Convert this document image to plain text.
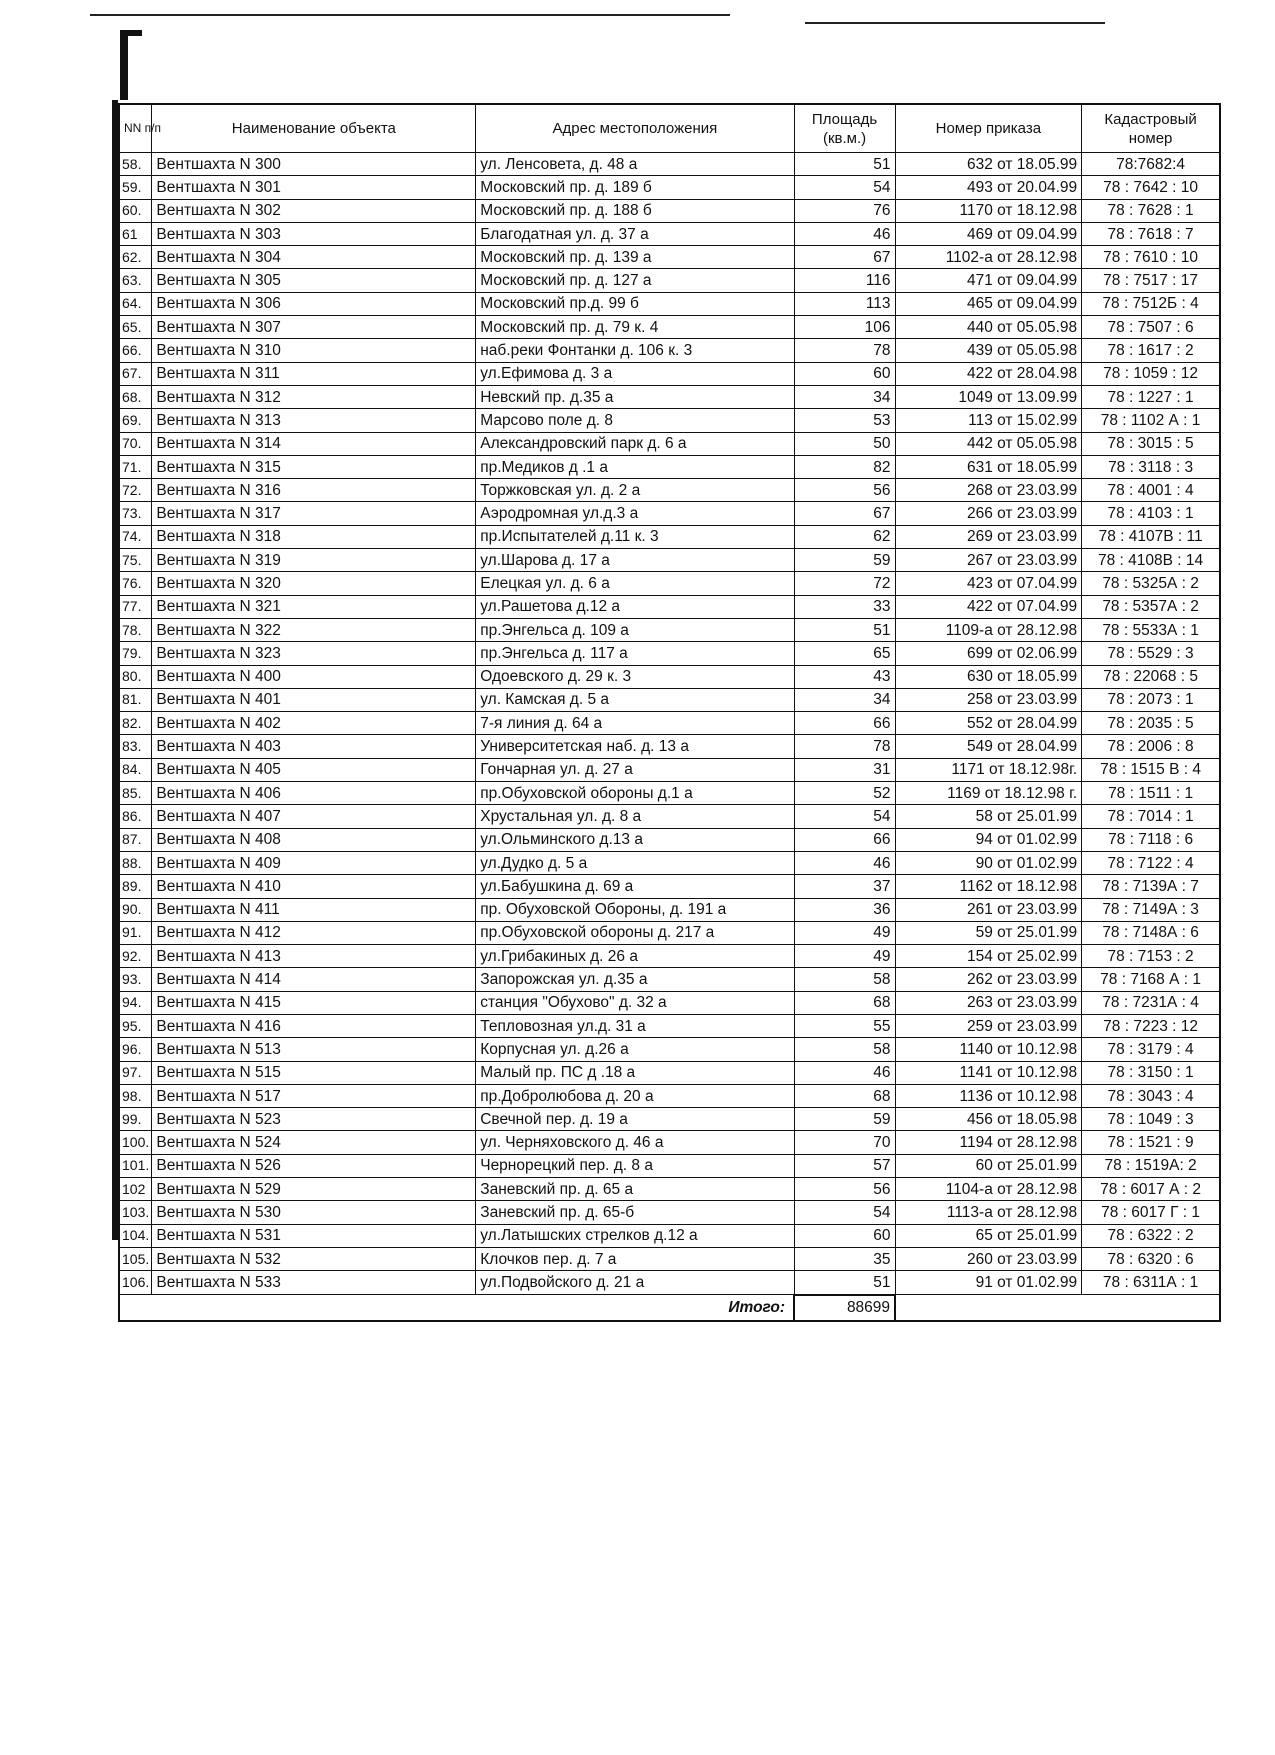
NN п/п	Наименование объекта	Адрес местоположения	Площадь (кв.м.)	Номер приказа	Кадастровый номер
58.	Вентшахта N 300	ул. Ленсовета, д. 48 а	51	632 от 18.05.99	78:7682:4
59.	Вентшахта N 301	Московский пр. д. 189 б	54	493 от 20.04.99	78 : 7642 : 10
60.	Вентшахта N 302	Московский пр. д. 188 б	76	1170 от 18.12.98	78 : 7628 : 1
61	Вентшахта N 303	Благодатная ул. д. 37 а	46	469 от 09.04.99	78 : 7618 : 7
62.	Вентшахта N 304	Московский пр. д. 139 а	67	1102-а от 28.12.98	78 : 7610 : 10
63.	Вентшахта N 305	Московский пр. д. 127 а	116	471 от 09.04.99	78 : 7517 : 17
64.	Вентшахта N 306	Московский пр.д. 99 б	113	465 от 09.04.99	78 : 7512Б : 4
65.	Вентшахта N 307	Московский пр. д. 79 к. 4	106	440 от 05.05.98	78 : 7507 : 6
66.	Вентшахта N 310	наб.реки Фонтанки д. 106 к. 3	78	439 от 05.05.98	78 : 1617 : 2
67.	Вентшахта N 311	ул.Ефимова д. 3 а	60	422 от 28.04.98	78 : 1059 : 12
68.	Вентшахта N 312	Невский пр. д.35 а	34	1049 от 13.09.99	78 : 1227 : 1
69.	Вентшахта N 313	Марсово поле д. 8	53	113 от 15.02.99	78 : 1102 А : 1
70.	Вентшахта N 314	Александровский парк д. 6 а	50	442 от 05.05.98	78 : 3015 : 5
71.	Вентшахта N 315	пр.Медиков д .1 а	82	631 от 18.05.99	78 : 3118 : 3
72.	Вентшахта N 316	Торжковская ул. д. 2 а	56	268 от 23.03.99	78 : 4001 : 4
73.	Вентшахта N 317	Аэродромная ул.д.3 а	67	266 от 23.03.99	78 : 4103 : 1
74.	Вентшахта N 318	пр.Испытателей д.11 к. 3	62	269 от 23.03.99	78 : 4107В : 11
75.	Вентшахта N 319	ул.Шарова д. 17 а	59	267 от 23.03.99	78 : 4108В : 14
76.	Вентшахта N 320	Елецкая ул. д. 6 а	72	423 от 07.04.99	78 : 5325А : 2
77.	Вентшахта N 321	ул.Рашетова д.12 а	33	422 от 07.04.99	78 : 5357А : 2
78.	Вентшахта N 322	пр.Энгельса д. 109 а	51	1109-а от 28.12.98	78 : 5533А : 1
79.	Вентшахта N 323	пр.Энгельса д. 117 а	65	699 от 02.06.99	78 : 5529 : 3
80.	Вентшахта N 400	Одоевского д. 29 к. 3	43	630 от 18.05.99	78 : 22068 : 5
81.	Вентшахта N 401	ул. Камская д. 5 а	34	258 от 23.03.99	78 : 2073 : 1
82.	Вентшахта N 402	7-я линия д. 64 а	66	552 от 28.04.99	78 : 2035 : 5
83.	Вентшахта N 403	Университетская наб. д. 13 а	78	549 от 28.04.99	78 : 2006 : 8
84.	Вентшахта N 405	Гончарная ул. д. 27 а	31	1171 от 18.12.98г.	78 : 1515 В : 4
85.	Вентшахта N 406	пр.Обуховской обороны д.1 а	52	1169 от 18.12.98 г.	78 : 1511 : 1
86.	Вентшахта N 407	Хрустальная ул. д. 8 а	54	58 от 25.01.99	78 : 7014 : 1
87.	Вентшахта N 408	ул.Ольминского д.13 а	66	94 от 01.02.99	78 : 7118 : 6
88.	Вентшахта N 409	ул.Дудко д. 5 а	46	90 от 01.02.99	78 : 7122 : 4
89.	Вентшахта N 410	ул.Бабушкина д. 69 а	37	1162 от 18.12.98	78 : 7139А : 7
90.	Вентшахта N 411	пр. Обуховской Обороны, д. 191 а	36	261 от 23.03.99	78 : 7149А : 3
91.	Вентшахта N 412	пр.Обуховской обороны д. 217 а	49	59 от 25.01.99	78 : 7148А : 6
92.	Вентшахта N 413	ул.Грибакиных д. 26 а	49	154 от 25.02.99	78 : 7153 : 2
93.	Вентшахта N 414	Запорожская ул. д.35 а	58	262 от 23.03.99	78 : 7168 А : 1
94.	Вентшахта N 415	станция "Обухово" д. 32 а	68	263 от 23.03.99	78 : 7231А : 4
95.	Вентшахта N 416	Тепловозная ул.д. 31 а	55	259 от 23.03.99	78 : 7223 : 12
96.	Вентшахта N 513	Корпусная ул. д.26 а	58	1140 от 10.12.98	78 : 3179 : 4
97.	Вентшахта N 515	Малый пр. ПС д .18 а	46	1141 от 10.12.98	78 : 3150 : 1
98.	Вентшахта N 517	пр.Добролюбова д. 20 а	68	1136 от 10.12.98	78 : 3043 : 4
99.	Вентшахта N 523	Свечной пер. д. 19 а	59	456 от 18.05.98	78 : 1049 : 3
100.	Вентшахта N 524	ул. Черняховского д. 46 а	70	1194 от 28.12.98	78 : 1521 : 9
101.	Вентшахта N 526	Чернорецкий пер. д. 8 а	57	60 от 25.01.99	78 : 1519А: 2
102	Вентшахта N 529	Заневский пр. д. 65 а	56	1104-а от 28.12.98	78 : 6017 А : 2
103.	Вентшахта N 530	Заневский пр. д. 65-б	54	1113-а от 28.12.98	78 : 6017 Г : 1
104.	Вентшахта N 531	ул.Латышских стрелков д.12 а	60	65 от 25.01.99	78 : 6322 : 2
105.	Вентшахта N 532	Клочков пер. д. 7 а	35	260 от 23.03.99	78 : 6320 : 6
106.	Вентшахта N 533	ул.Подвойского д. 21 а	51	91 от 01.02.99	78 : 6311А : 1
Итого:			88699		
